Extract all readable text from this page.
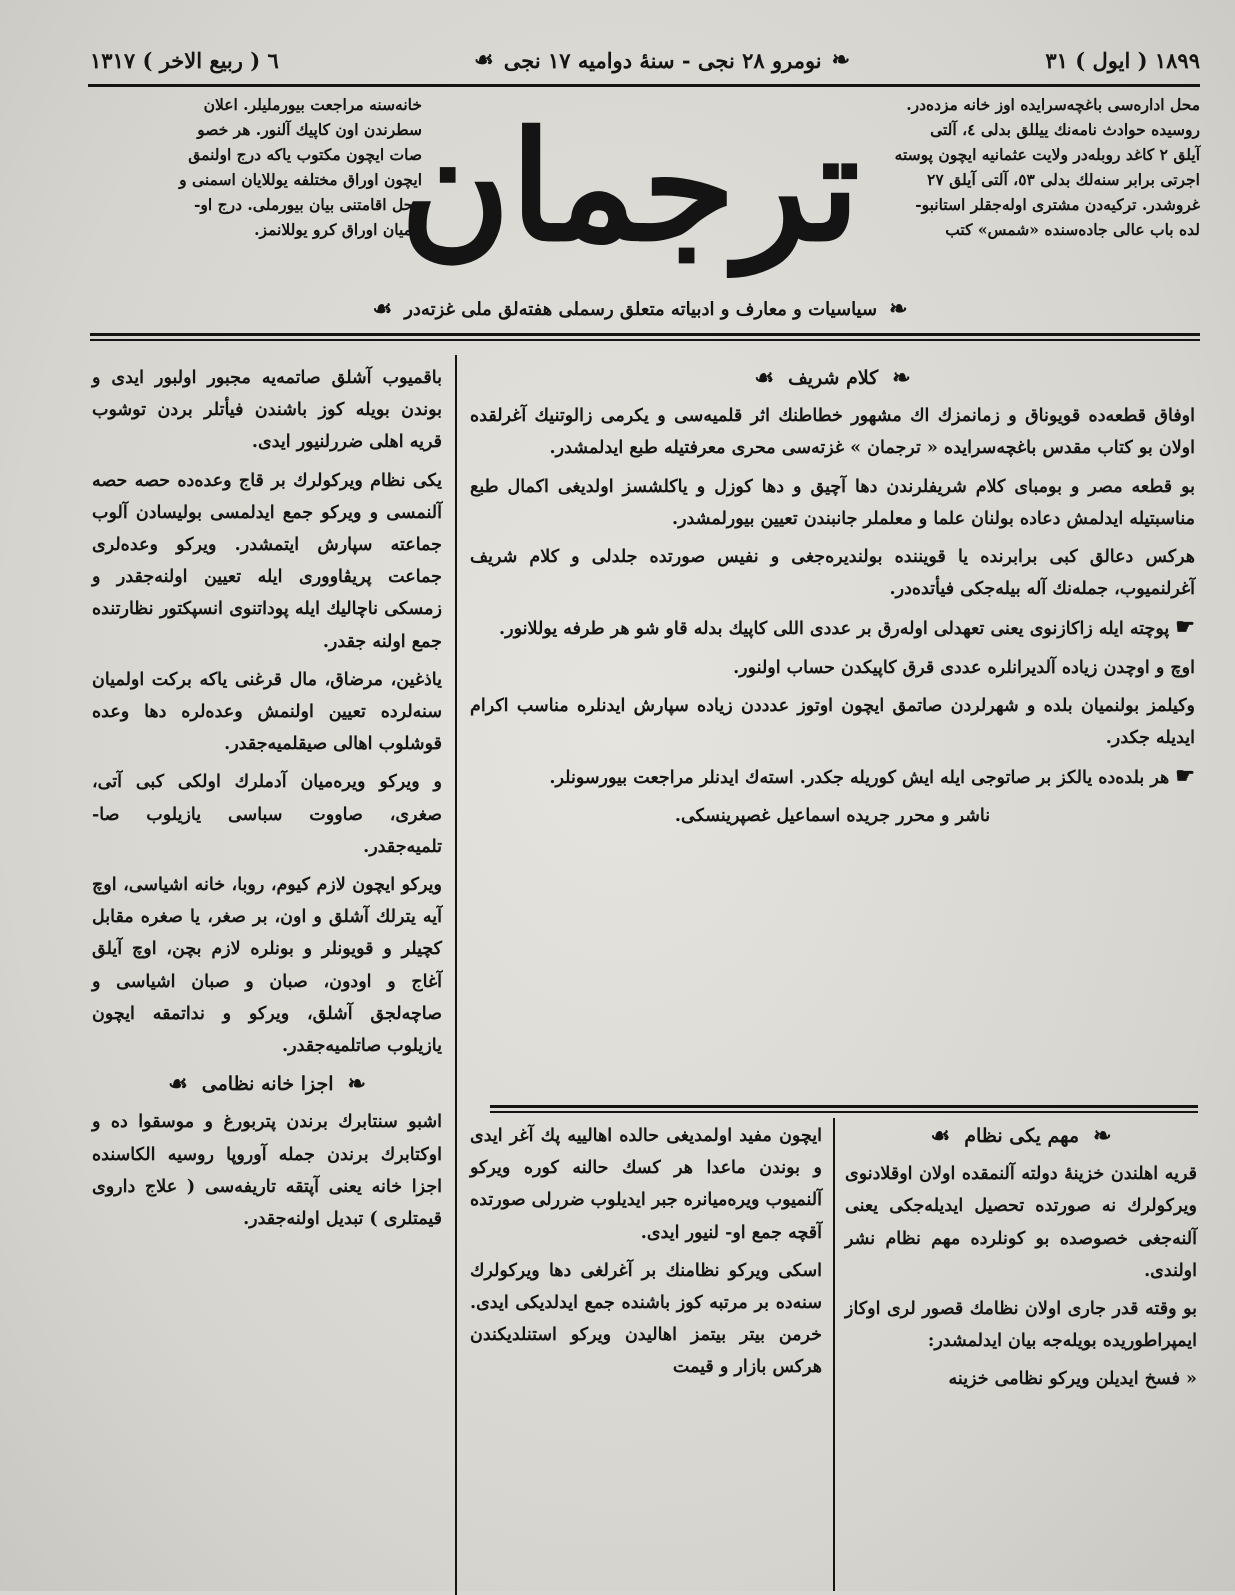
١٨٩٩ ( ايول ) ٣١
❧
نومرو ٢٨ نجى - سنهٔ دوامیه ١٧ نجى
☙
٦ ( ربیع الاخر ) ١٣١٧
محل ادارەسی باغچەسرایده اوز خانه مزدەدر.
روسیده حوادث نامەنك ییللق بدلی ٤، آلتی
آیلق ٢ كاغد روبلەدر ولایت عثمانیه ایچون پوسته
اجرتی برابر سنەلك بدلی ٥٣، آلتی آیلق ٢٧
غروشدر. تركیەدن مشتری اولەجقلر استانبو-
لده باب عالی جادەسنده «شمس» كتب
ترجمان
خانەسنه مراجعت بیورملیلر. اعلان
سطرندن اون كاپیك آلنور. هر خصو
صات ایچون مكتوب یاكه درج اولنمق
ایچون اوراق مختلفه یوللایان اسمنی و
محل اقامتنی بیان بیورملی. درج او-
لنمیان اوراق كرو یوللانمز.
❧
سیاسیات و معارف و ادبیاته متعلق رسملی هفتەلق ملی غزتەدر
☙
❧
كلام شریف
☙

اوفاق قطعەده قویوناق و زمانمزك اك مشهور خطاطنك اثر قلمیەسی و یكرمی زالوتنیك آغرلقده اولان بو كتاب مقدس باغچەسرایده « ترجمان » غزتەسی محری معرفتیله طبع ایدلمشدر.

بو قطعه مصر و بومبای كلام شریفلرندن دها آچیق و دها كوزل و یاكلشسز اولدیغی اكمال طبع مناسبتیله ایدلمش دعاده بولنان علما و معلملر جانبندن تعیین بیورلمشدر.

هركس دعالق كبی برابرنده یا قویننده بولندیرەجغی و نفیس صورتده جلدلی و كلام شریف آغرلنمیوب، جملەنك آله بیلەجكی فیأتده‌در.

☛پوچته ایله زاكازنوی یعنی تعهدلی اولەرق بر عددی اللی كاپیك بدله قاو شو هر طرفه یوللانور.

اوچ و اوچدن زیاده آلدیرانلره عددی قرق كاپیكدن حساب اولنور.

وكیلمز بولنمیان بلده و شهرلردن صاتمق ایچون اوتوز عدددن زیاده سپارش ایدنلره مناسب اكرام ایدیله جكدر.

☛هر بلدەده یالكز بر صاتوجی ایله ایش كوریله جكدر. استەك ایدنلر مراجعت بیورسونلر.

ناشر و محرر جریده اسماعیل غصپرینسكی.

باقمیوب آشلق صاتمەیه مجبور اولبور ایدی و بوندن بویله كوز باشندن فیأتلر بردن توشوب قریه اهلی ضررلنیور ایدی.

یكی نظام ویركولرك بر قاج وعدەده حصه حصه آلنمسی و ویركو جمع ایدلمسی بولیسادن آلوب جماعته سپارش ایتمشدر. ویركو وعدەلری جماعت پریڤاووری ایله تعیین اولنەجقدر و زمسكی ناچالیك ایله پوداتنوی انسپكتور نظارتنده جمع اولنه جقدر.

یاذغین، مرضاق، مال قرغنی یاكه بركت اولمیان سنەلرده تعیین اولنمش وعدەلره دها وعده قوشلوب اهالی صیقلمیەجقدر.

و ویركو ویرەمیان آدملرك اولكی كبی آتی، صغری، صاووت سباسی یازیلوب صا- تلمیەجقدر.

ویركو ایچون لازم كیوم، روبا، خانه اشیاسی، اوچ آیه یترلك آشلق و اون، بر صغر، یا صغره مقابل كچیلر و قویونلر و بونلره لازم بچن، اوچ آیلق آغاج و اودون، صبان و صبان اشیاسی و صاچەلجق آشلق، ویركو و نداتمقه ایچون یازیلوب صاتلمیەجقدر.

❧
اجزا خانه نظامی
☙

اشبو سنتابرك برندن پتربورغ و موسقوا ده و اوكتابرك برندن جمله آوروپا روسیه الكاسنده اجزا خانه یعنی آپتقه تاریفەسی ( علاج داروی قیمتلری ) تبدیل اولنەجقدر.

❧
مهم یكی نظام
☙

قریه اهلندن خزینهٔ دولته آلنمقده اولان اوقلادنوی ویركولرك نه صورتده تحصیل ایدیلەجكی یعنی آلنەجغی خصوصده بو كونلرده مهم نظام نشر اولندی.

بو وقته قدر جاری اولان نظامك قصور لری اوكاز ایمپراطوریده بویلەجه بیان ایدلمشدر:

« فسخ ایدیلن ویركو نظامی خزینه

ایچون مفید اولمدیغی حالده اهالییه پك آغر ایدی و بوندن ماعدا هر كسك حالنه كوره ویركو آلنمیوب ویرەمیانره جبر ایدیلوب ضررلی صورتده آقچه جمع او- لنیور ایدی.

اسكی ویركو نظامنك بر آغرلغی دها ویركولرك سنەده بر مرتبه كوز باشنده جمع ایدلدیكی ایدی. خرمن بیتر بیتمز اهالیدن ویركو استنلدیكندن هركس بازار و قیمت
